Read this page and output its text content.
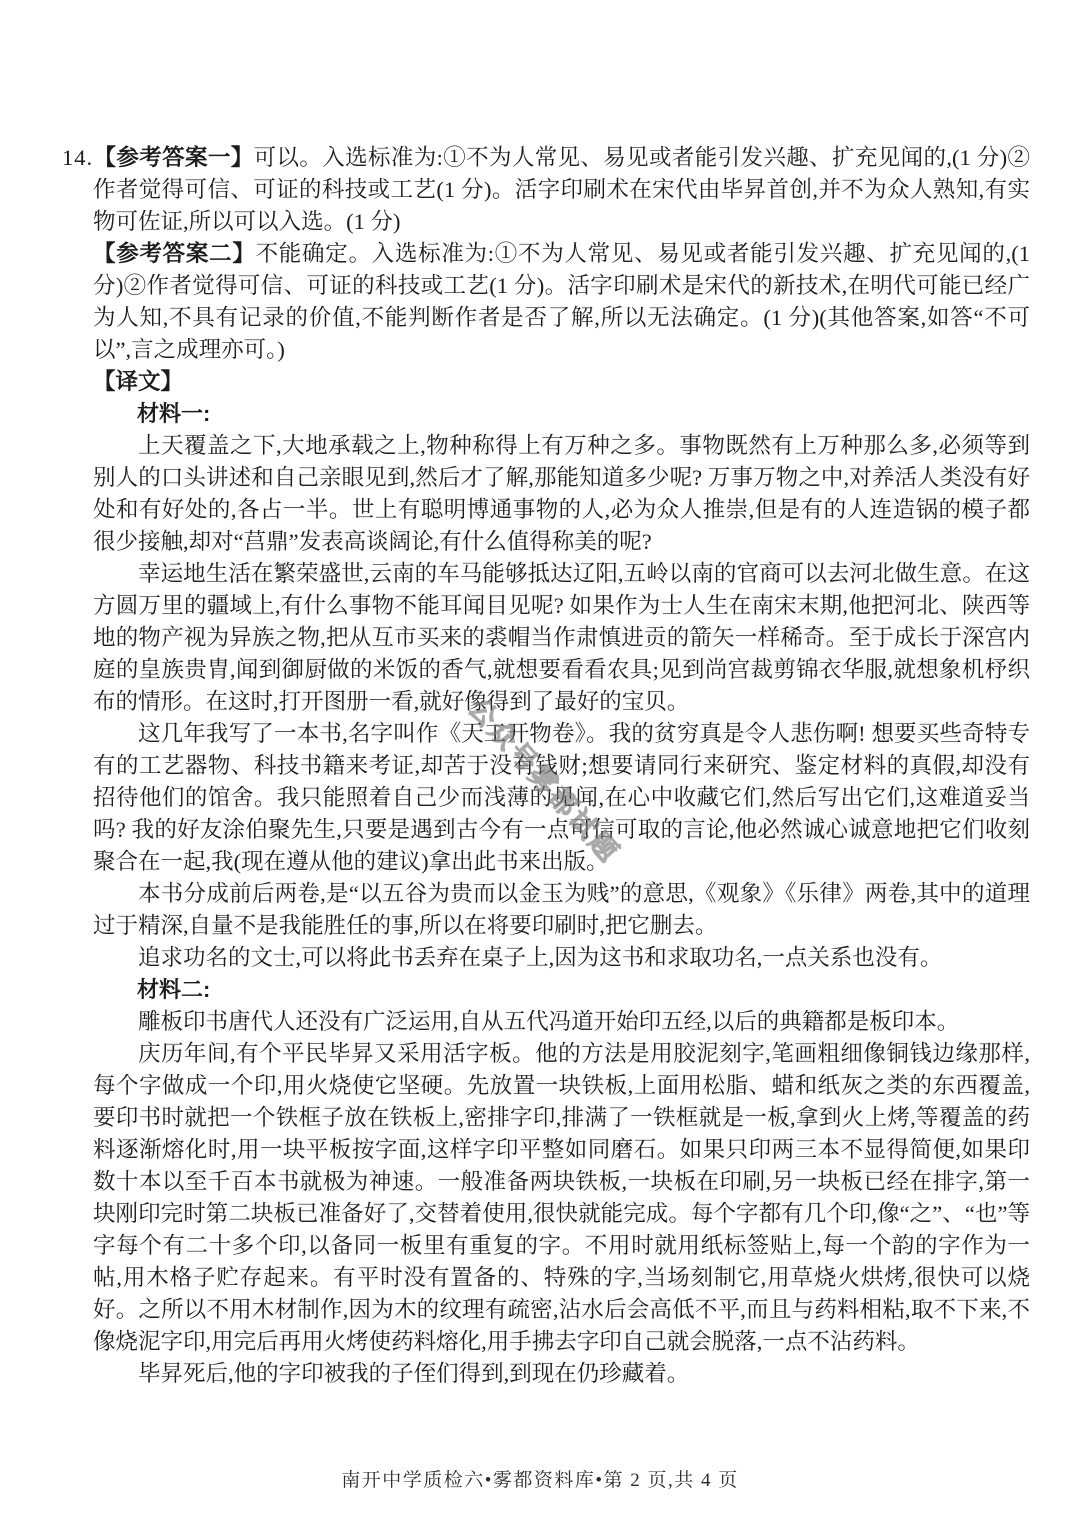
14.【参考答案一】可以。入选标准为:①不为人常见、易见或者能引发兴趣、扩充见闻的,(1 分)②作者觉得可信、可证的科技或工艺(1 分)。活字印刷术在宋代由毕昇首创,并不为众人熟知,有实物可佐证,所以可以入选。(1 分)

【参考答案二】不能确定。入选标准为:①不为人常见、易见或者能引发兴趣、扩充见闻的,(1 分)②作者觉得可信、可证的科技或工艺(1 分)。活字印刷术是宋代的新技术,在明代可能已经广为人知,不具有记录的价值,不能判断作者是否了解,所以无法确定。(1 分)(其他答案,如答“不可以”,言之成理亦可。)

【译文】

材料一:

上天覆盖之下,大地承载之上,物种称得上有万种之多。事物既然有上万种那么多,必须等到别人的口头讲述和自己亲眼见到,然后才了解,那能知道多少呢? 万事万物之中,对养活人类没有好处和有好处的,各占一半。世上有聪明博通事物的人,必为众人推崇,但是有的人连造锅的模子都很少接触,却对“莒鼎”发表高谈阔论,有什么值得称美的呢?

幸运地生活在繁荣盛世,云南的车马能够抵达辽阳,五岭以南的官商可以去河北做生意。在这方圆万里的疆域上,有什么事物不能耳闻目见呢? 如果作为士人生在南宋末期,他把河北、陕西等地的物产视为异族之物,把从互市买来的裘帽当作肃慎进贡的箭矢一样稀奇。至于成长于深宫内庭的皇族贵胄,闻到御厨做的米饭的香气,就想要看看农具;见到尚宫裁剪锦衣华服,就想象机杼织布的情形。在这时,打开图册一看,就好像得到了最好的宝贝。

这几年我写了一本书,名字叫作《天工开物卷》。我的贫穷真是令人悲伤啊! 想要买些奇特专有的工艺器物、科技书籍来考证,却苦于没有钱财;想要请同行来研究、鉴定材料的真假,却没有招待他们的馆舍。我只能照着自己少而浅薄的见闻,在心中收藏它们,然后写出它们,这难道妥当吗? 我的好友涂伯聚先生,只要是遇到古今有一点可信可取的言论,他必然诚心诚意地把它们收刻聚合在一起,我(现在遵从他的建议)拿出此书来出版。

本书分成前后两卷,是“以五谷为贵而以金玉为贱”的意思,《观象》《乐律》两卷,其中的道理过于精深,自量不是我能胜任的事,所以在将要印刷时,把它删去。

追求功名的文士,可以将此书丢弃在桌子上,因为这书和求取功名,一点关系也没有。

材料二:

雕板印书唐代人还没有广泛运用,自从五代冯道开始印五经,以后的典籍都是板印本。

庆历年间,有个平民毕昇又采用活字板。他的方法是用胶泥刻字,笔画粗细像铜钱边缘那样,每个字做成一个印,用火烧使它坚硬。先放置一块铁板,上面用松脂、蜡和纸灰之类的东西覆盖,要印书时就把一个铁框子放在铁板上,密排字印,排满了一铁框就是一板,拿到火上烤,等覆盖的药料逐渐熔化时,用一块平板按字面,这样字印平整如同磨石。如果只印两三本不显得简便,如果印数十本以至千百本书就极为神速。一般准备两块铁板,一块板在印刷,另一块板已经在排字,第一块刚印完时第二块板已准备好了,交替着使用,很快就能完成。每个字都有几个印,像“之”、“也”等字每个有二十多个印,以备同一板里有重复的字。不用时就用纸标签贴上,每一个韵的字作为一帖,用木格子贮存起来。有平时没有置备的、特殊的字,当场刻制它,用草烧火烘烤,很快可以烧好。之所以不用木材制作,因为木的纹理有疏密,沾水后会高低不平,而且与药料相粘,取不下来,不像烧泥字印,用完后再用火烤使药料熔化,用手拂去字印自己就会脱落,一点不沾药料。

毕昇死后,他的字印被我的子侄们得到,到现在仍珍藏着。

公众号雾都试题
南开中学质检六•雾都资料库•第 2 页,共 4 页
